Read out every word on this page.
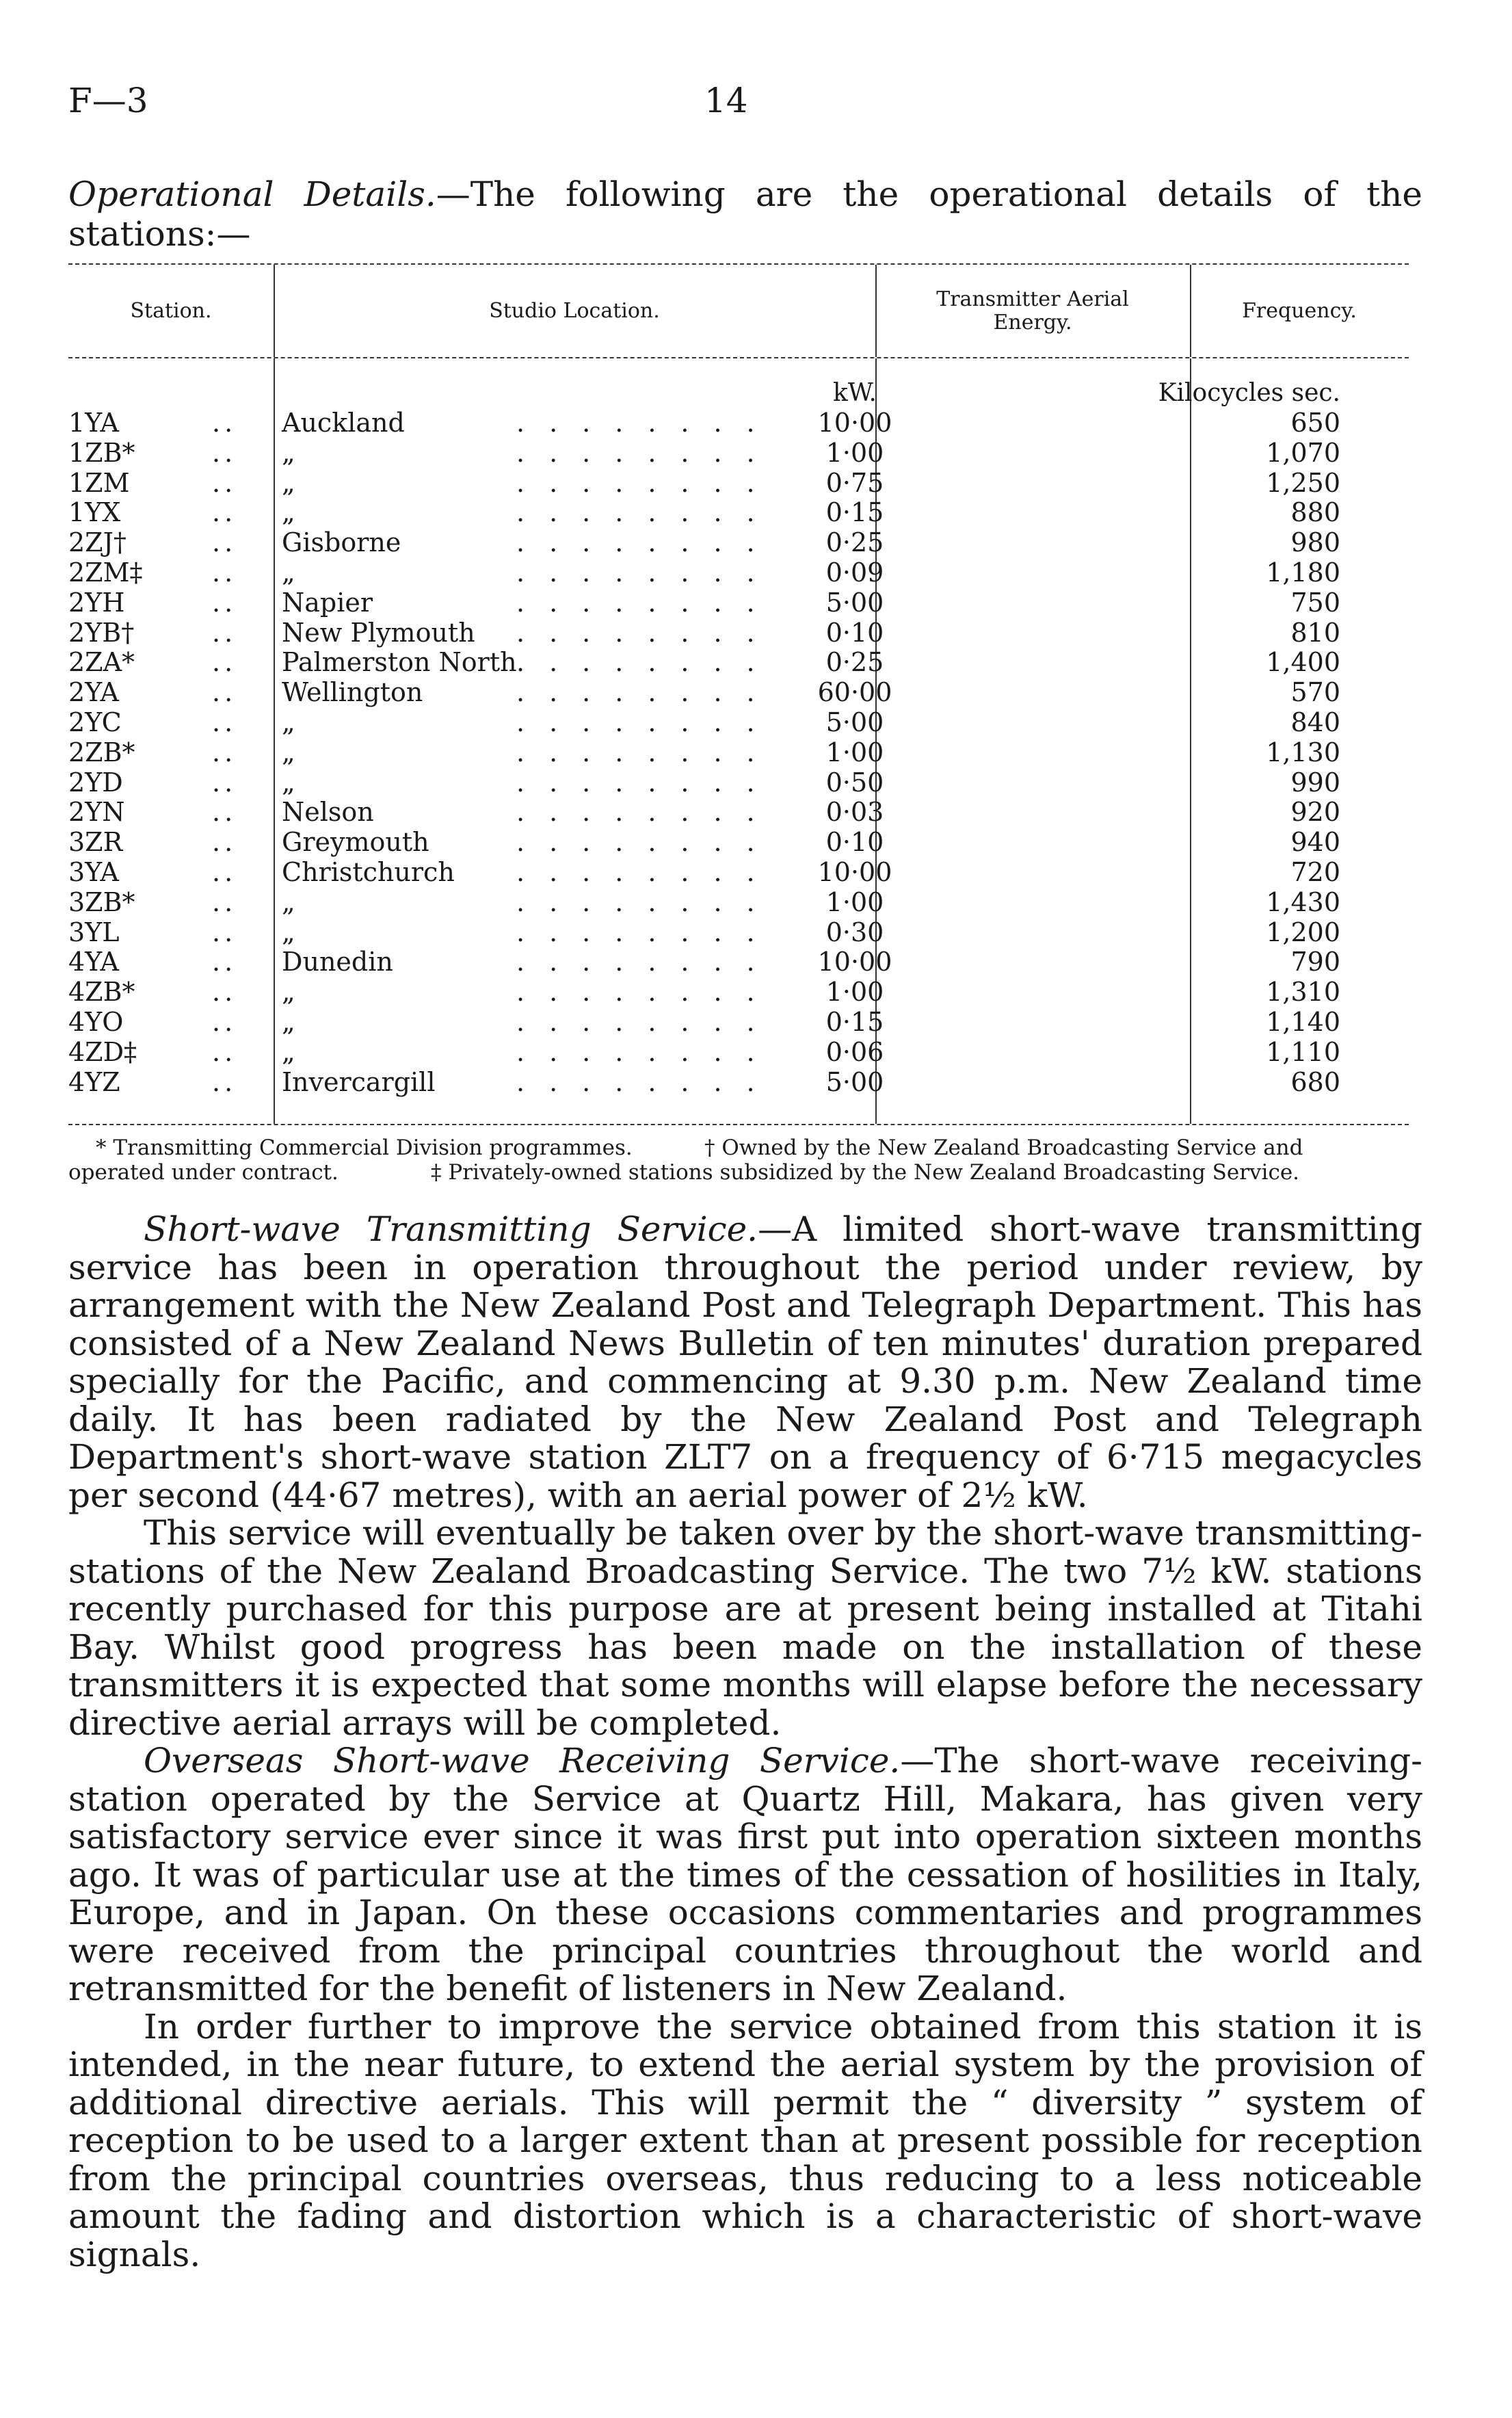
F—3	14
Operational Details.—The following are the operational details of the stations:—
Station.	Studio Location.	Transmitter Aerial Energy.	Frequency.
kW.	Kilocycles sec.
1YA	.. Auckland	........	10·00	650
1ZB*	.. „	........	1·00	1,070
1ZM	.. „	........	0·75	1,250
1YX	.. „	........	0·15	880
2ZJ†	.. Gisborne	........	0·25	980
2ZM‡	.. „	........	0·09	1,180
2YH	.. Napier	........	5·00	750
2YB†	.. New Plymouth ........	0·10	810
2ZA*	.. Palmerston North ........	0·25	1,400
2YA	.. Wellington	........	60·00	570
2YC	.. „	........	5·00	840
2ZB*	.. „	........	1·00	1,130
2YD	.. „	........	0·50	990
2YN	.. Nelson	........	0·03	920
3ZR	.. Greymouth	........	0·10	940
3YA	.. Christchurch ........	10·00	720
3ZB*	.. „	........	1·00	1,430
3YL	.. „	........	0·30	1,200
4YA	.. Dunedin	........	10·00	790
4ZB*	.. „	........	1·00	1,310
4YO	.. „	........	0·15	1,140
4ZD‡	.. „	........	0·06	1,110
4YZ	.. Invercargill	........	5·00	680
* Transmitting Commercial Division programmes.	† Owned by the New Zealand Broadcasting Service and
operated under contract.	‡ Privately-owned stations subsidized by the New Zealand Broadcasting Service.

Short-wave Transmitting Service.—A limited short-wave transmitting service has been in operation throughout the period under review, by arrangement with the New Zealand Post and Telegraph Department. This has consisted of a New Zealand News Bulletin of ten minutes' duration prepared specially for the Pacific, and commencing at 9.30 p.m. New Zealand time daily. It has been radiated by the New Zealand Post and Telegraph Department's short-wave station ZLT7 on a frequency of 6·715 megacycles per second (44·67 metres), with an aerial power of 2½ kW.

This service will eventually be taken over by the short-wave transmitting-stations of the New Zealand Broadcasting Service. The two 7½ kW. stations recently purchased for this purpose are at present being installed at Titahi Bay. Whilst good progress has been made on the installation of these transmitters it is expected that some months will elapse before the necessary directive aerial arrays will be completed.

Overseas Short-wave Receiving Service.—The short-wave receiving-station operated by the Service at Quartz Hill, Makara, has given very satisfactory service ever since it was first put into operation sixteen months ago. It was of particular use at the times of the cessation of hosilities in Italy, Europe, and in Japan. On these occasions commentaries and programmes were received from the principal countries throughout the world and retransmitted for the benefit of listeners in New Zealand.

In order further to improve the service obtained from this station it is intended, in the near future, to extend the aerial system by the provision of additional directive aerials. This will permit the “ diversity ” system of reception to be used to a larger extent than at present possible for reception from the principal countries overseas, thus reducing to a less noticeable amount the fading and distortion which is a characteristic of short-wave signals.
